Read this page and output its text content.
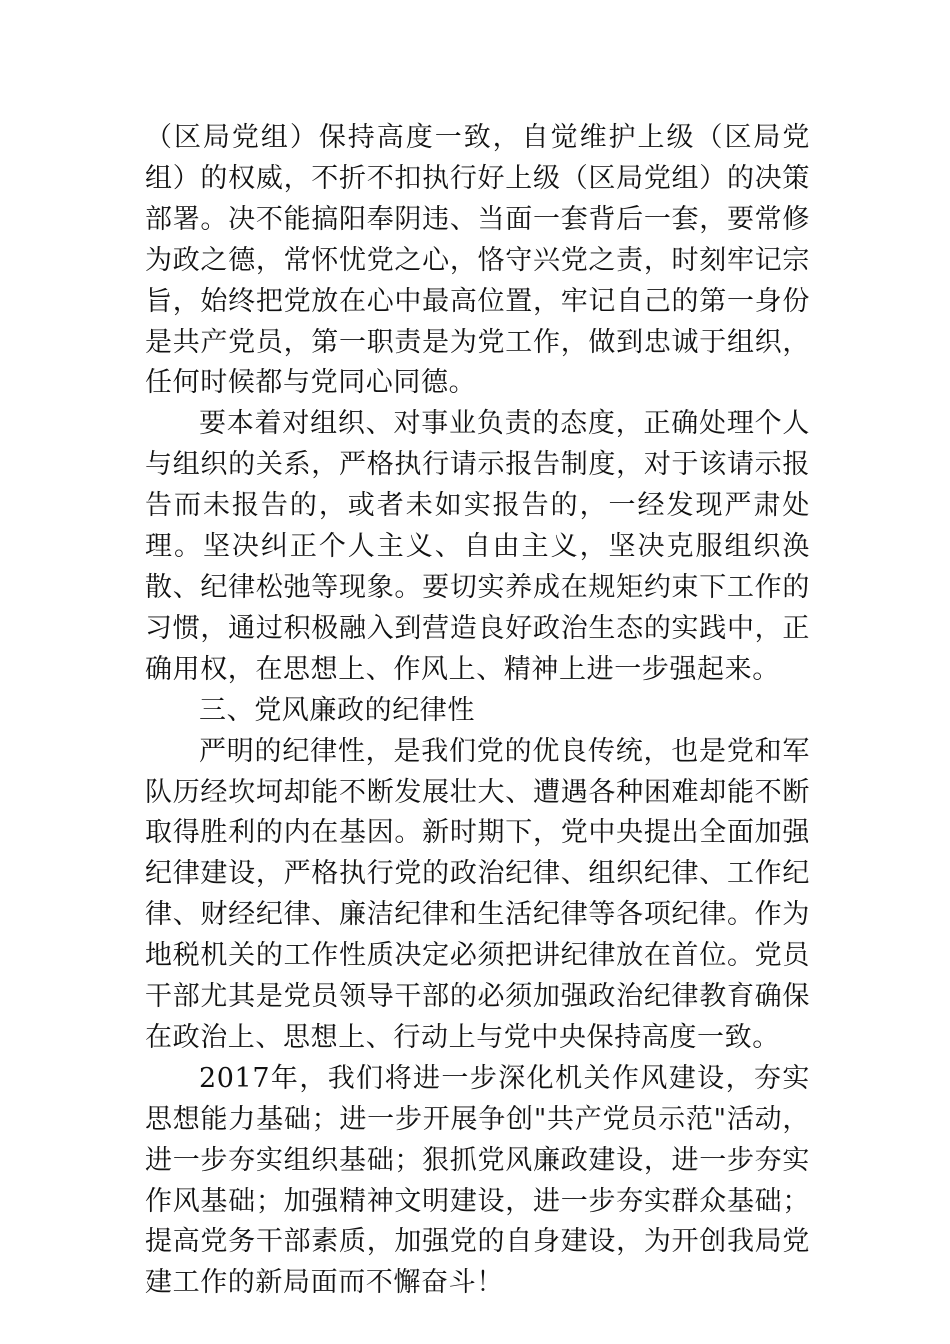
（区局党组）保持高度一致，自觉维护上级（区局党组）的权威，不折不扣执行好上级（区局党组）的决策部署。决不能搞阳奉阴违、当面一套背后一套，要常修为政之德，常怀忧党之心，恪守兴党之责，时刻牢记宗旨，始终把党放在心中最高位置，牢记自己的第一身份是共产党员，第一职责是为党工作，做到忠诚于组织，任何时候都与党同心同德。

要本着对组织、对事业负责的态度，正确处理个人与组织的关系，严格执行请示报告制度，对于该请示报告而未报告的，或者未如实报告的，一经发现严肃处理。坚决纠正个人主义、自由主义，坚决克服组织涣散、纪律松弛等现象。要切实养成在规矩约束下工作的习惯，通过积极融入到营造良好政治生态的实践中，正确用权，在思想上、作风上、精神上进一步强起来。

三、党风廉政的纪律性

严明的纪律性，是我们党的优良传统，也是党和军队历经坎坷却能不断发展壮大、遭遇各种困难却能不断取得胜利的内在基因。新时期下，党中央提出全面加强纪律建设，严格执行党的政治纪律、组织纪律、工作纪律、财经纪律、廉洁纪律和生活纪律等各项纪律。作为地税机关的工作性质决定必须把讲纪律放在首位。党员干部尤其是党员领导干部的必须加强政治纪律教育确保在政治上、思想上、行动上与党中央保持高度一致。

2017年，我们将进一步深化机关作风建设，夯实思想能力基础；进一步开展争创"共产党员示范"活动，进一步夯实组织基础；狠抓党风廉政建设，进一步夯实作风基础；加强精神文明建设，进一步夯实群众基础；提高党务干部素质，加强党的自身建设，为开创我局党建工作的新局面而不懈奋斗！
